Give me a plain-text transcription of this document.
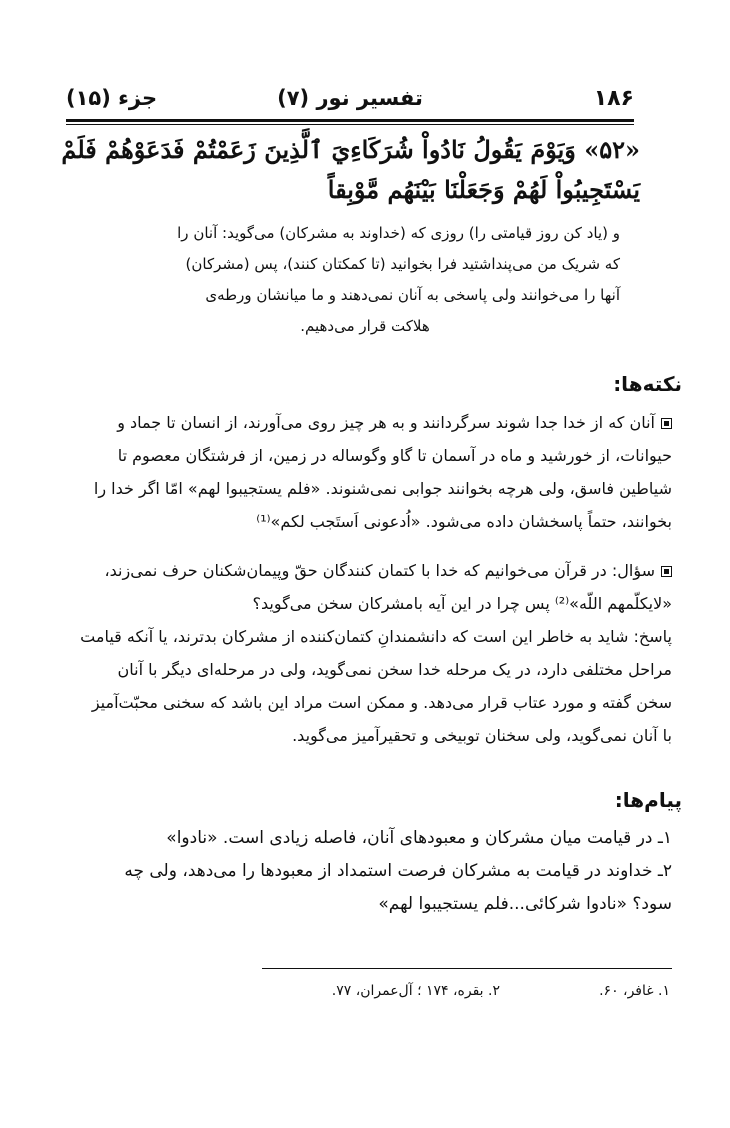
۱۸۶
تفسیر نور (۷)
جزء (۱۵)
«۵۲» وَيَوْمَ يَقُولُ نَادُواْ شُرَكَاءِيَ ٱلَّذِينَ زَعَمْتُمْ فَدَعَوْهُمْ فَلَمْ
يَسْتَجِيبُواْ لَهُمْ وَجَعَلْنَا بَيْنَهُم مَّوْبِقاً
و (یاد کن روز قیامتی را) روزی که (خداوند به مشرکان) می‌گوید: آنان را
که شریک من می‌پنداشتید فرا بخوانید (تا کمکتان کنند)، پس (مشرکان)
آنها را می‌خوانند ولی پاسخی به آنان نمی‌دهند و ما میانشان ورطه‌ی
هلاکت قرار می‌دهیم.
نکته‌ها:
آنان که از خدا جدا شوند سرگردانند و به هر چیز روی می‌آورند، از انسان تا جماد و
حیوانات، از خورشید و ماه در آسمان تا گاو وگوساله در زمین، از فرشتگان معصوم تا
شیاطین فاسق، ولی هرچه بخوانند جوابی نمی‌شنوند. «فلم یستجیبوا لهم» امّا اگر خدا را
بخوانند، حتماً پاسخشان داده می‌شود. «اُدعونی اَستَجب لکم»⁽¹⁾
سؤال: در قرآن می‌خوانیم که خدا با کتمان کنندگان حقّ وپیمان‌شکنان حرف نمی‌زند،
«لایکلّمهم اللّه»⁽²⁾ پس چرا در این آیه بامشرکان سخن می‌گوید؟
پاسخ: شاید به خاطر این است که دانشمندانِ کتمان‌کننده از مشرکان بدترند، یا آنکه قیامت
مراحل مختلفی دارد، در یک مرحله خدا سخن نمی‌گوید، ولی در مرحله‌ای دیگر با آنان
سخن گفته و مورد عتاب قرار می‌دهد. و ممکن است مراد این باشد که سخنی محبّت‌آمیز
با آنان نمی‌گوید، ولی سخنان توبیخی و تحقیرآمیز می‌گوید.
پیام‌ها:
۱ـ در قیامت میان مشرکان و معبودهای آنان، فاصله زیادی است. «نادوا»
۲ـ خداوند در قیامت به مشرکان فرصت استمداد از معبودها را می‌دهد، ولی چه
سود؟ «نادوا شرکائی...فلم یستجیبوا لهم»
۱. غافر، ۶۰.
۲. بقره، ۱۷۴ ؛ آل‌عمران، ۷۷.
